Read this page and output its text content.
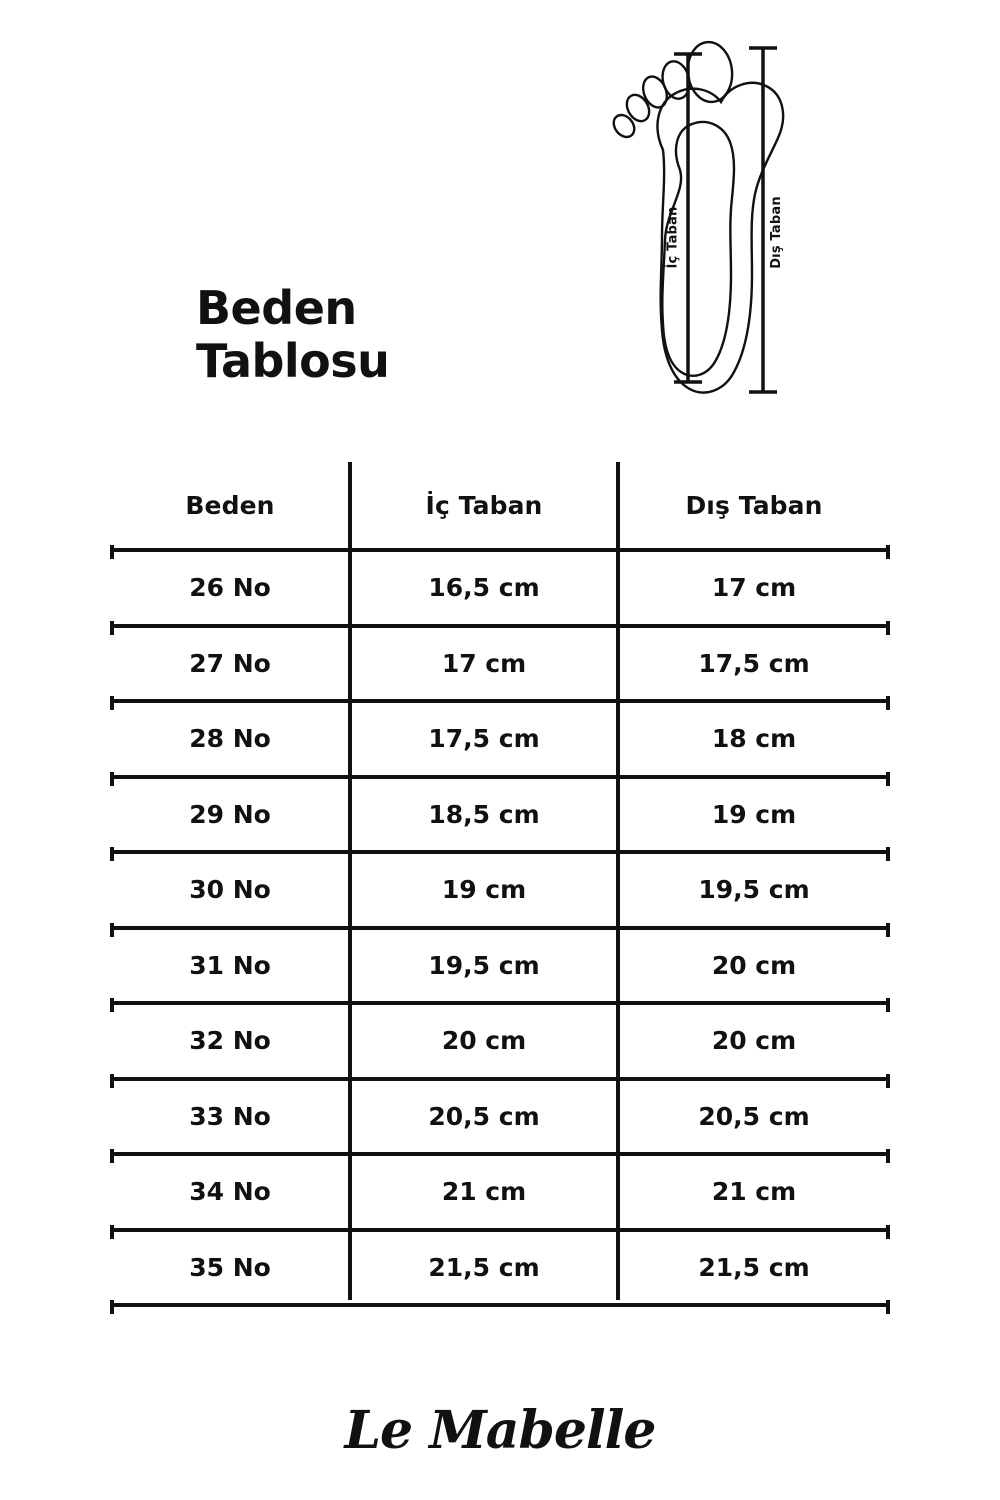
İç Taban	Dış Taban
Beden
Tablosu
Beden	İç Taban	Dış Taban
26 No	16,5 cm	17 cm
27 No	17 cm	17,5 cm
28 No	17,5 cm	18 cm
29 No	18,5 cm	19 cm
30 No	19 cm	19,5 cm
31 No	19,5 cm	20 cm
32 No	20 cm	20 cm
33 No	20,5 cm	20,5 cm
34 No	21 cm	21 cm
35 No	21,5 cm	21,5 cm
Le Mabelle
